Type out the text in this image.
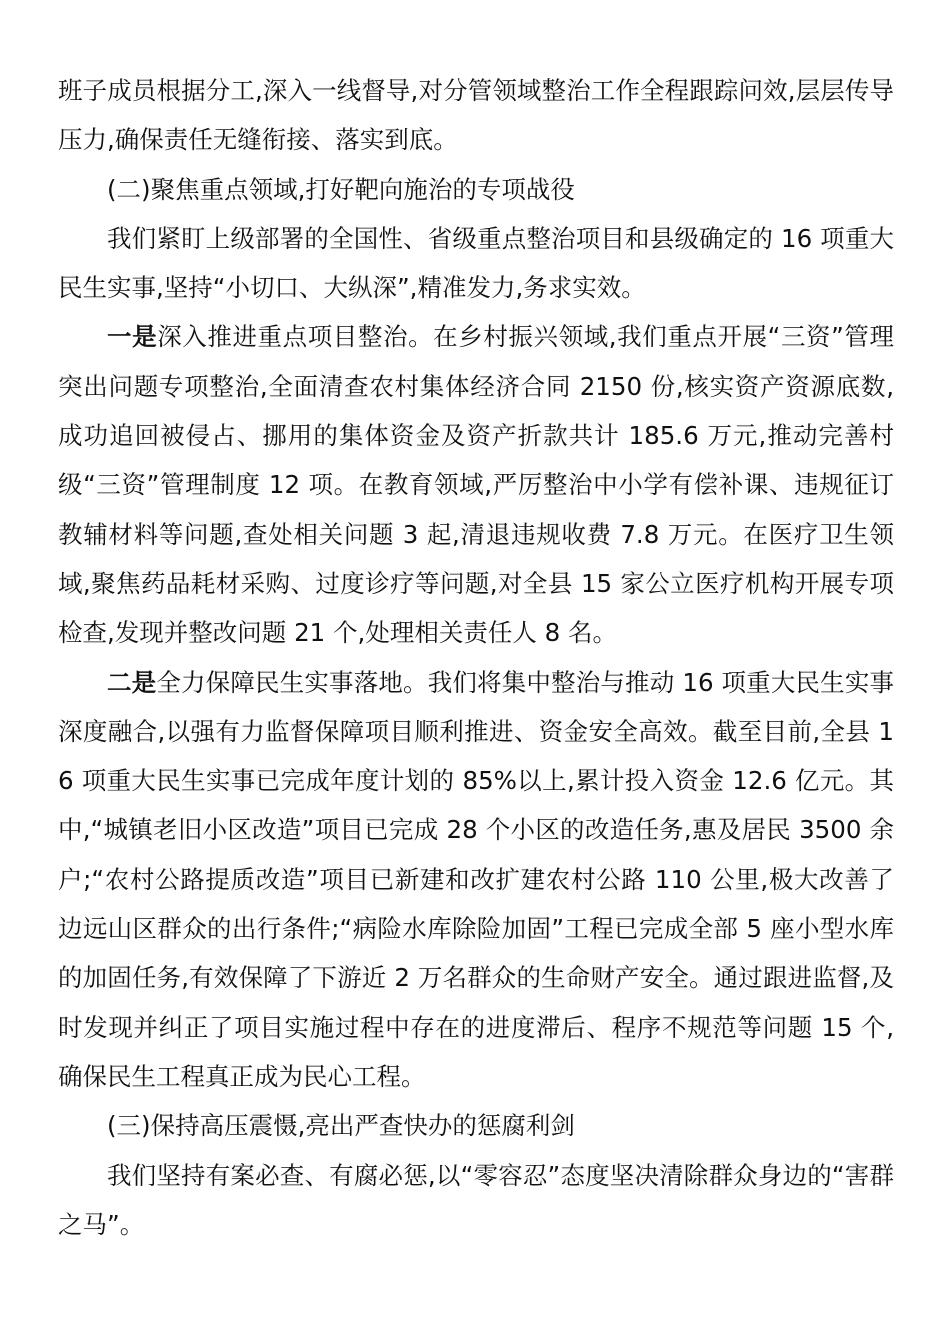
班子成员根据分工,深入一线督导,对分管领域整治工作全程跟踪问效,层层传导压力,确保责任无缝衔接、落实到底。

(二)聚焦重点领域,打好靶向施治的专项战役

我们紧盯上级部署的全国性、省级重点整治项目和县级确定的 16 项重大民生实事,坚持“小切口、大纵深”,精准发力,务求实效。

一是深入推进重点项目整治。在乡村振兴领域,我们重点开展“三资”管理突出问题专项整治,全面清查农村集体经济合同 2150 份,核实资产资源底数,成功追回被侵占、挪用的集体资金及资产折款共计 185.6 万元,推动完善村级“三资”管理制度 12 项。在教育领域,严厉整治中小学有偿补课、违规征订教辅材料等问题,查处相关问题 3 起,清退违规收费 7.8 万元。在医疗卫生领域,聚焦药品耗材采购、过度诊疗等问题,对全县 15 家公立医疗机构开展专项检查,发现并整改问题 21 个,处理相关责任人 8 名。

二是全力保障民生实事落地。我们将集中整治与推动 16 项重大民生实事深度融合,以强有力监督保障项目顺利推进、资金安全高效。截至目前,全县 16 项重大民生实事已完成年度计划的 85%以上,累计投入资金 12.6 亿元。其中,“城镇老旧小区改造”项目已完成 28 个小区的改造任务,惠及居民 3500 余户;“农村公路提质改造”项目已新建和改扩建农村公路 110 公里,极大改善了边远山区群众的出行条件;“病险水库除险加固”工程已完成全部 5 座小型水库的加固任务,有效保障了下游近 2 万名群众的生命财产安全。通过跟进监督,及时发现并纠正了项目实施过程中存在的进度滞后、程序不规范等问题 15 个,确保民生工程真正成为民心工程。

(三)保持高压震慑,亮出严查快办的惩腐利剑

我们坚持有案必查、有腐必惩,以“零容忍”态度坚决清除群众身边的“害群之马”。
